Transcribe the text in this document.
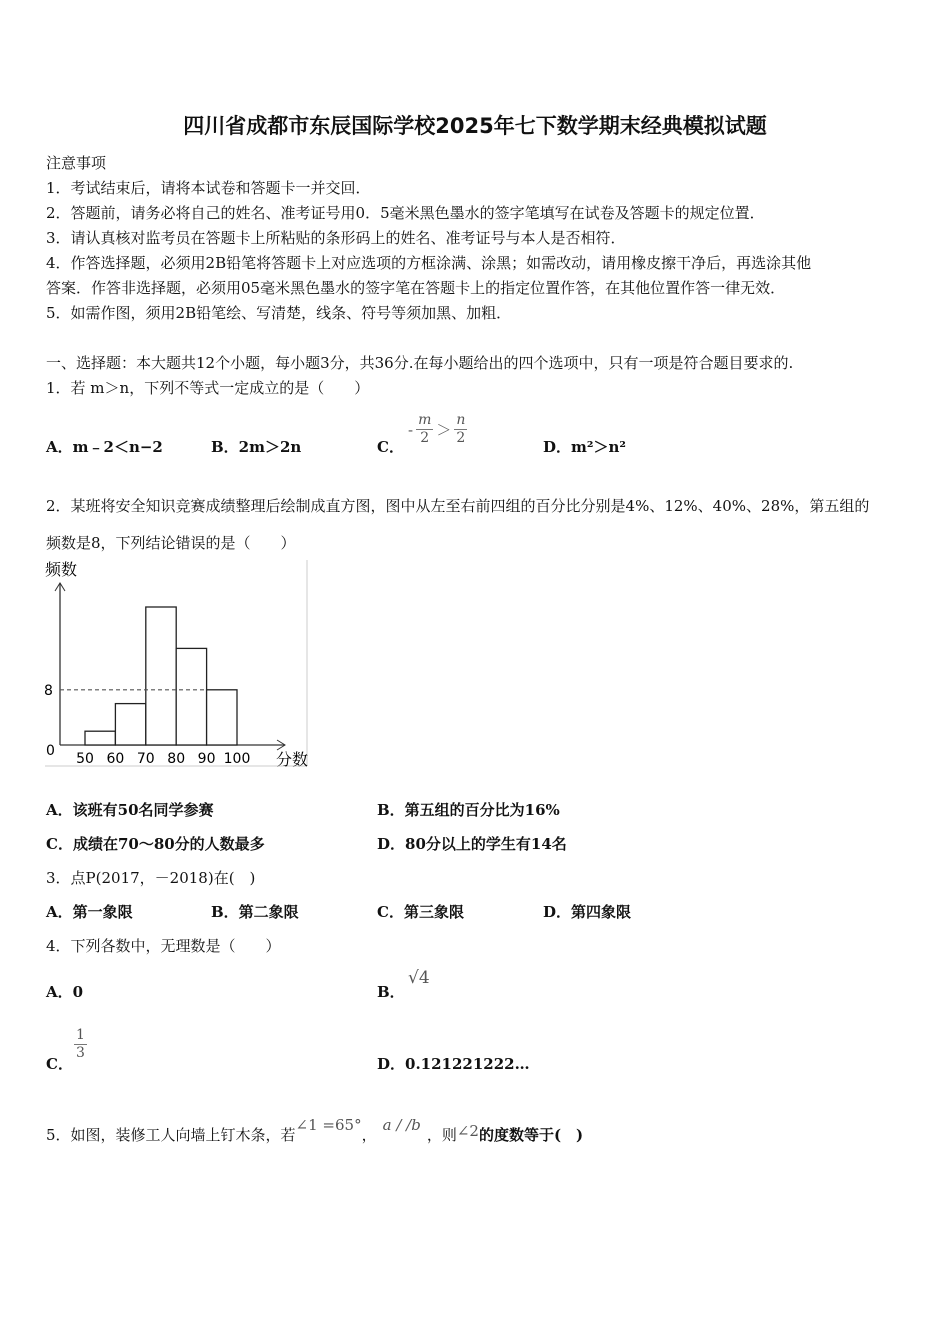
四川省成都市东辰国际学校2025年七下数学期末经典模拟试题
注意事项
1．考试结束后，请将本试卷和答题卡一并交回．
2．答题前，请务必将自己的姓名、准考证号用0．5毫米黑色墨水的签字笔填写在试卷及答题卡的规定位置．
3．请认真核对监考员在答题卡上所粘贴的条形码上的姓名、准考证号与本人是否相符．
4．作答选择题，必须用2B铅笔将答题卡上对应选项的方框涂满、涂黑；如需改动，请用橡皮擦干净后，再选涂其他
答案．作答非选择题，必须用05毫米黑色墨水的签字笔在答题卡上的指定位置作答，在其他位置作答一律无效．
5．如需作图，须用2B铅笔绘、写清楚，线条、符号等须加黑、加粗．
一、选择题：本大题共12个小题，每小题3分，共36分.在每小题给出的四个选项中，只有一项是符合题目要求的.
1．若 m＞n，下列不等式一定成立的是（　　）
A．m﹣2＜n−2	B．2m＞2n	C．
- $\frac{m}{2} > \frac{n}{2}$	D．m²＞n²
2．某班将安全知识竞赛成绩整理后绘制成直方图，图中从左至右前四组的百分比分别是4%、12%、40%、28%，第五组的
频数是8，下列结论错误的是（　　）
频数
分数
0
8
50 60 70 80 90 100
A．该班有50名同学参赛	B．第五组的百分比为16%
C．成绩在70～80分的人数最多	D．80分以上的学生有14名
3．点P(2017，－2018)在(　)
A．第一象限	B．第二象限	C．第三象限	D．第四象限
4．下列各数中，无理数是（　　）
A．0	B．
√4
C．
$\frac{1}{3}$
D．0.121221222…
5．如图，装修工人向墙上钉木条，若∠1 =65°，a / /b，则∠2的度数等于(　)
